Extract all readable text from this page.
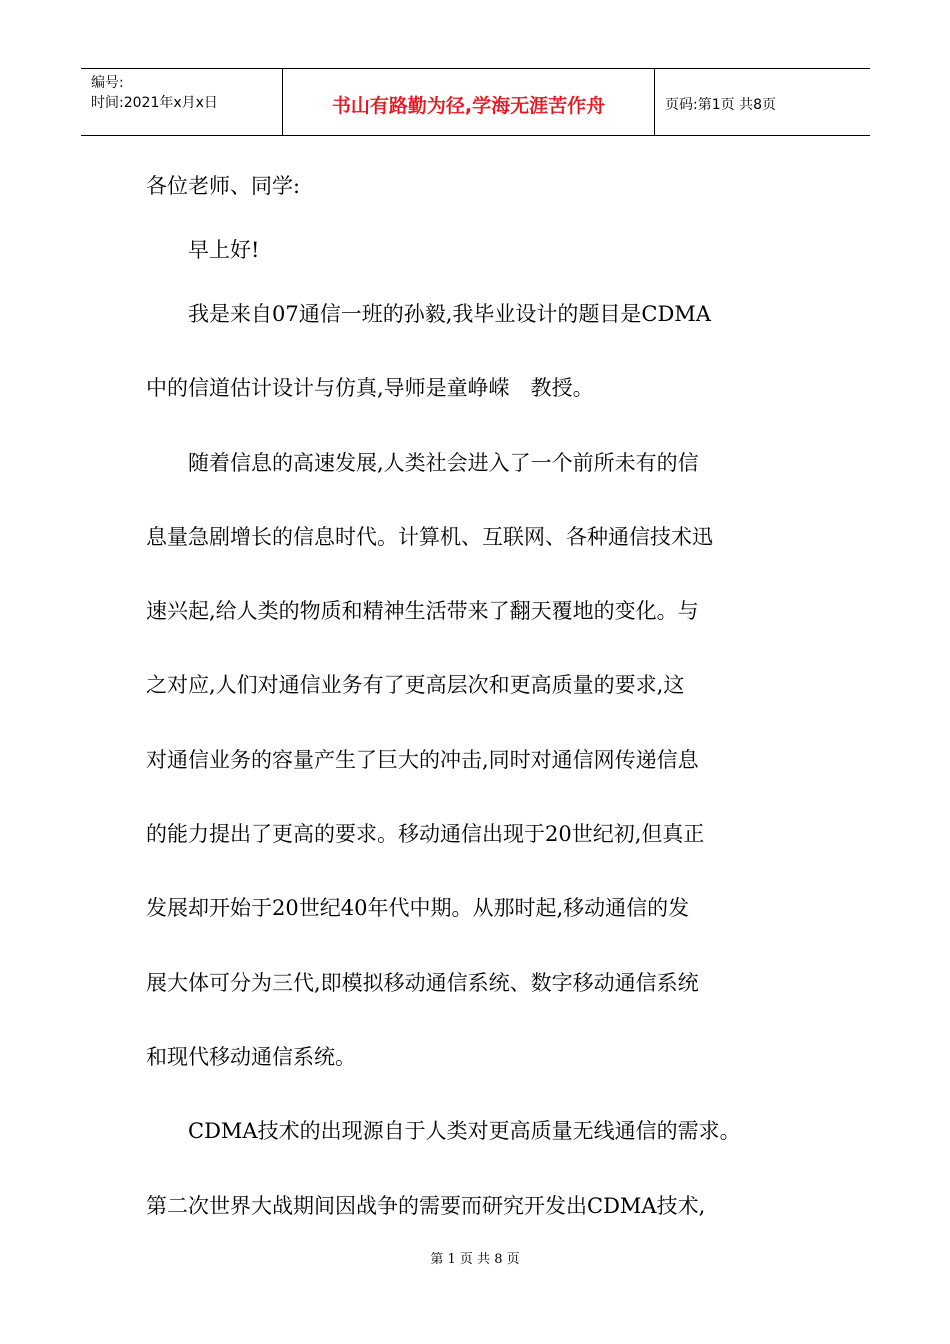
编号:
时间:2021年x月x日	书山有路勤为径,学海无涯苦作舟	页码:第1页 共8页
各位老师、同学:
　　早上好!
　　我是来自07通信一班的孙毅,我毕业设计的题目是CDMA
中的信道估计设计与仿真,导师是童峥嵘　教授。
　　随着信息的高速发展,人类社会进入了一个前所未有的信
息量急剧增长的信息时代。计算机、互联网、各种通信技术迅
速兴起,给人类的物质和精神生活带来了翻天覆地的变化。与
之对应,人们对通信业务有了更高层次和更高质量的要求,这
对通信业务的容量产生了巨大的冲击,同时对通信网传递信息
的能力提出了更高的要求。移动通信出现于20世纪初,但真正
发展却开始于20世纪40年代中期。从那时起,移动通信的发
展大体可分为三代,即模拟移动通信系统、数字移动通信系统
和现代移动通信系统。
　　CDMA技术的出现源自于人类对更高质量无线通信的需求。
第二次世界大战期间因战争的需要而研究开发出CDMA技术,
第 1 页 共 8 页
